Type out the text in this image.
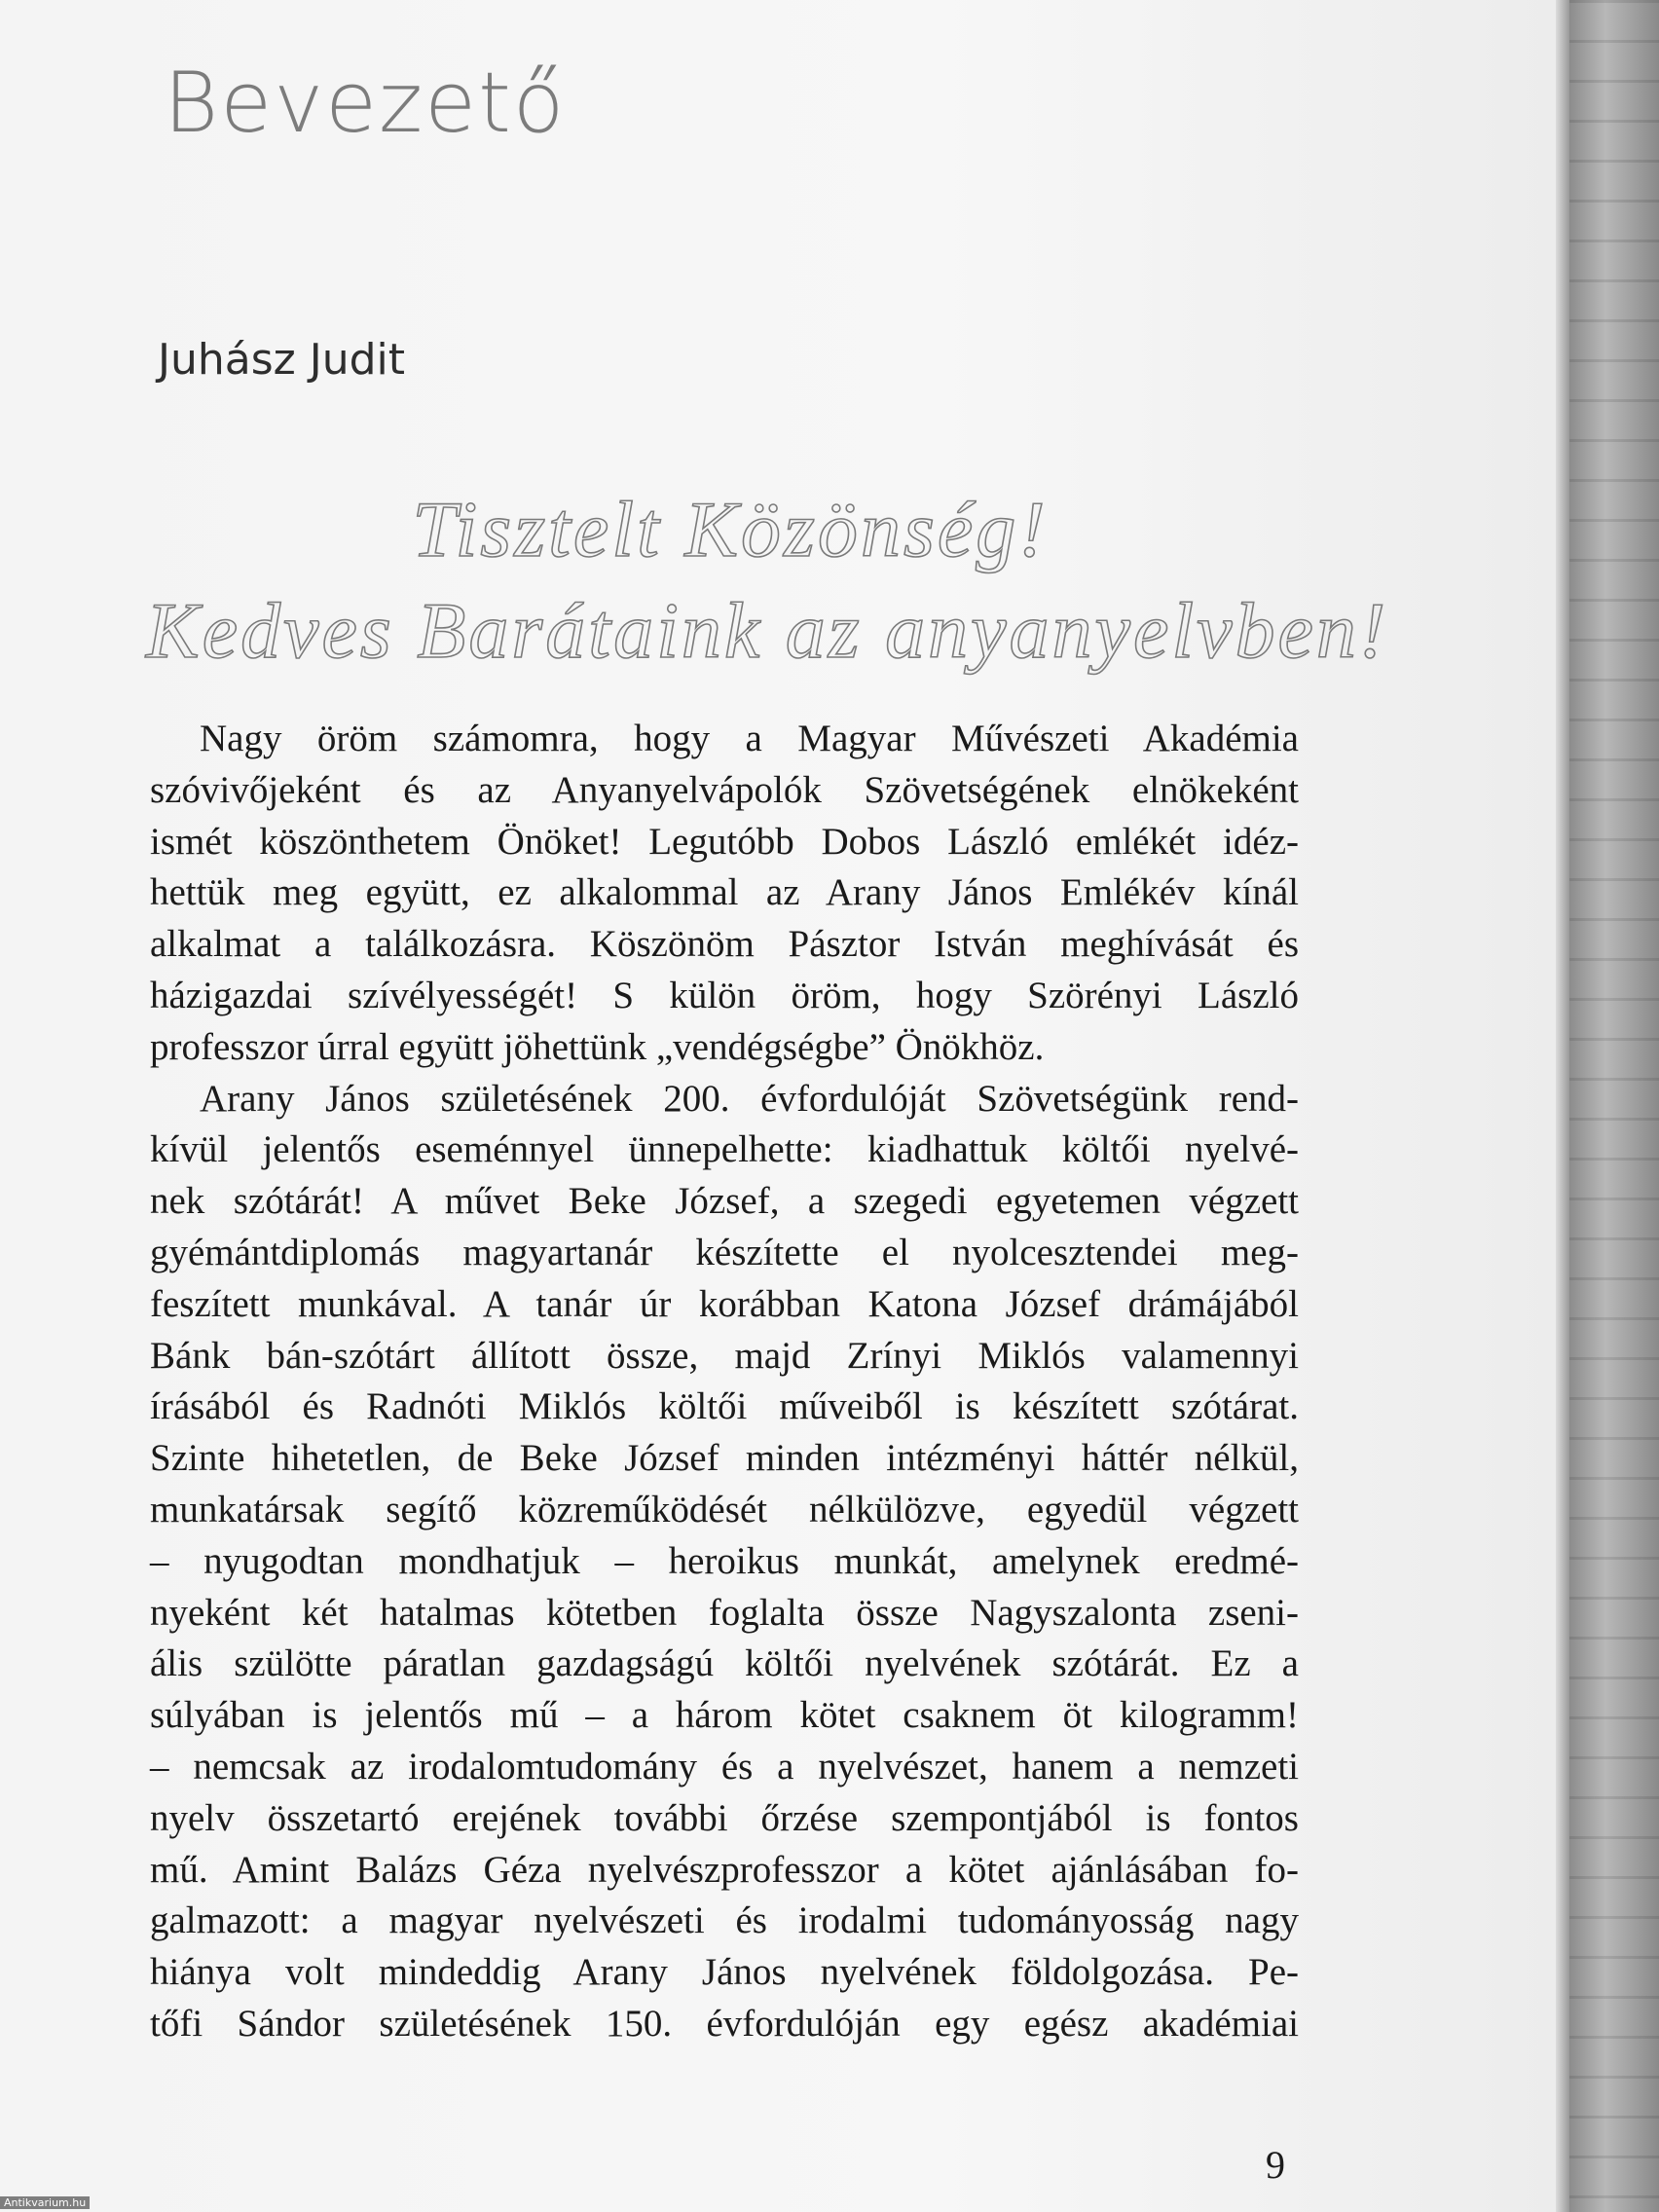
Bevezető

Juhász Judit

Tisztelt Közönség!
Kedves Barátaink az anyanyelvben!
Nagy öröm számomra, hogy a Magyar Művészeti Akadémia
szóvivőjeként és az Anyanyelvápolók Szövetségének elnökeként
ismét köszönthetem Önöket! Legutóbb Dobos László emlékét idéz-
hettük meg együtt, ez alkalommal az Arany János Emlékév kínál
alkalmat a találkozásra. Köszönöm Pásztor István meghívását és
házigazdai szívélyességét! S külön öröm, hogy Szörényi László
professzor úrral együtt jöhettünk „vendégségbe” Önökhöz.
Arany János születésének 200. évfordulóját Szövetségünk rend-
kívül jelentős eseménnyel ünnepelhette: kiadhattuk költői nyelvé-
nek szótárát! A művet Beke József, a szegedi egyetemen végzett
gyémántdiplomás magyartanár készítette el nyolcesztendei meg-
feszített munkával. A tanár úr korábban Katona József drámájából
Bánk bán-szótárt állított össze, majd Zrínyi Miklós valamennyi
írásából és Radnóti Miklós költői műveiből is készített szótárat.
Szinte hihetetlen, de Beke József minden intézményi háttér nélkül,
munkatársak segítő közreműködését nélkülözve, egyedül végzett
– nyugodtan mondhatjuk – heroikus munkát, amelynek eredmé-
nyeként két hatalmas kötetben foglalta össze Nagyszalonta zseni-
ális szülötte páratlan gazdagságú költői nyelvének szótárát. Ez a
súlyában is jelentős mű – a három kötet csaknem öt kilogramm!
– nemcsak az irodalomtudomány és a nyelvészet, hanem a nemzeti
nyelv összetartó erejének további őrzése szempontjából is fontos
mű. Amint Balázs Géza nyelvészprofesszor a kötet ajánlásában fo-
galmazott: a magyar nyelvészeti és irodalmi tudományosság nagy
hiánya volt mindeddig Arany János nyelvének földolgozása. Pe-
tőfi Sándor születésének 150. évfordulóján egy egész akadémiai
9
Antikvarium.hu
